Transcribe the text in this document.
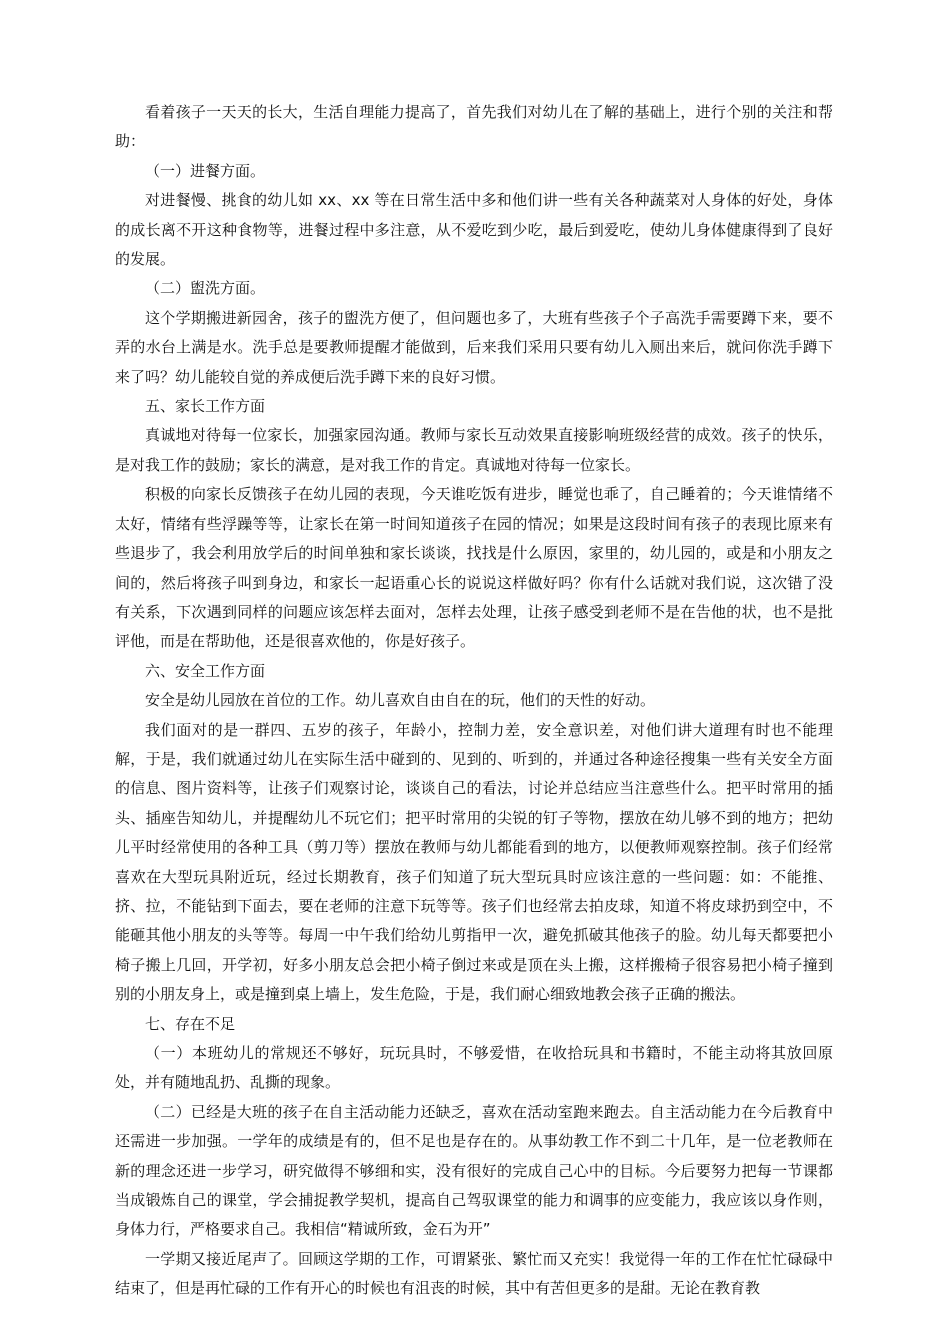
看着孩子一天天的长大，生活自理能力提高了，首先我们对幼儿在了解的基础上，进行个别的关注和帮助：

（一）进餐方面。

对进餐慢、挑食的幼儿如 xx、xx 等在日常生活中多和他们讲一些有关各种蔬菜对人身体的好处，身体的成长离不开这种食物等，进餐过程中多注意，从不爱吃到少吃，最后到爱吃，使幼儿身体健康得到了良好的发展。

（二）盥洗方面。

这个学期搬进新园舍，孩子的盥洗方便了，但问题也多了，大班有些孩子个子高洗手需要蹲下来，要不弄的水台上满是水。洗手总是要教师提醒才能做到，后来我们采用只要有幼儿入厕出来后，就问你洗手蹲下来了吗？幼儿能较自觉的养成便后洗手蹲下来的良好习惯。

五、家长工作方面

真诚地对待每一位家长，加强家园沟通。教师与家长互动效果直接影响班级经营的成效。孩子的快乐，是对我工作的鼓励；家长的满意，是对我工作的肯定。真诚地对待每一位家长。

积极的向家长反馈孩子在幼儿园的表现，今天谁吃饭有进步，睡觉也乖了，自己睡着的；今天谁情绪不太好，情绪有些浮躁等等，让家长在第一时间知道孩子在园的情况；如果是这段时间有孩子的表现比原来有些退步了，我会利用放学后的时间单独和家长谈谈，找找是什么原因，家里的，幼儿园的，或是和小朋友之间的，然后将孩子叫到身边，和家长一起语重心长的说说这样做好吗？你有什么话就对我们说，这次错了没有关系，下次遇到同样的问题应该怎样去面对，怎样去处理，让孩子感受到老师不是在告他的状，也不是批评他，而是在帮助他，还是很喜欢他的，你是好孩子。

六、安全工作方面

安全是幼儿园放在首位的工作。幼儿喜欢自由自在的玩，他们的天性的好动。

我们面对的是一群四、五岁的孩子，年龄小，控制力差，安全意识差，对他们讲大道理有时也不能理解，于是，我们就通过幼儿在实际生活中碰到的、见到的、听到的，并通过各种途径搜集一些有关安全方面的信息、图片资料等，让孩子们观察讨论，谈谈自己的看法，讨论并总结应当注意些什么。把平时常用的插头、插座告知幼儿，并提醒幼儿不玩它们；把平时常用的尖锐的钉子等物，摆放在幼儿够不到的地方；把幼儿平时经常使用的各种工具（剪刀等）摆放在教师与幼儿都能看到的地方，以便教师观察控制。孩子们经常喜欢在大型玩具附近玩，经过长期教育，孩子们知道了玩大型玩具时应该注意的一些问题：如：不能推、挤、拉，不能钻到下面去，要在老师的注意下玩等等。孩子们也经常去拍皮球，知道不将皮球扔到空中，不能砸其他小朋友的头等等。每周一中午我们给幼儿剪指甲一次，避免抓破其他孩子的脸。幼儿每天都要把小椅子搬上几回，开学初，好多小朋友总会把小椅子倒过来或是顶在头上搬，这样搬椅子很容易把小椅子撞到别的小朋友身上，或是撞到桌上墙上，发生危险，于是，我们耐心细致地教会孩子正确的搬法。

七、存在不足

（一）本班幼儿的常规还不够好，玩玩具时，不够爱惜，在收拾玩具和书籍时，不能主动将其放回原处，并有随地乱扔、乱撕的现象。

（二）已经是大班的孩子在自主活动能力还缺乏，喜欢在活动室跑来跑去。自主活动能力在今后教育中还需进一步加强。一学年的成绩是有的，但不足也是存在的。从事幼教工作不到二十几年，是一位老教师在新的理念还进一步学习，研究做得不够细和实，没有很好的完成自己心中的目标。今后要努力把每一节课都当成锻炼自己的课堂，学会捕捉教学契机，提高自己驾驭课堂的能力和调事的应变能力，我应该以身作则，身体力行，严格要求自己。我相信“精诚所致，金石为开”

一学期又接近尾声了。回顾这学期的工作，可谓紧张、繁忙而又充实！我觉得一年的工作在忙忙碌碌中结束了，但是再忙碌的工作有开心的时候也有沮丧的时候，其中有苦但更多的是甜。无论在教育教
